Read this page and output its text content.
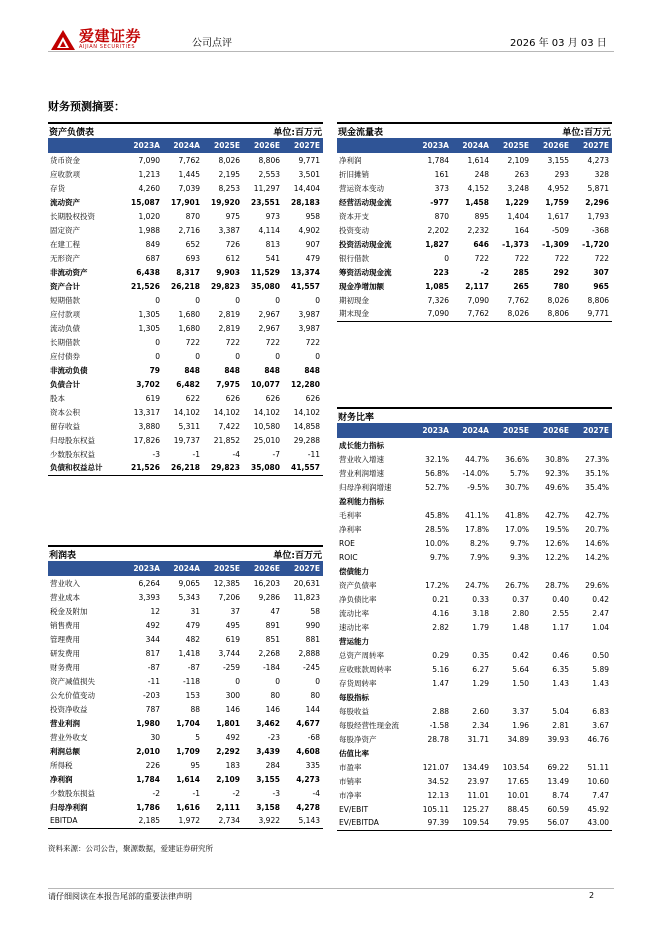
爱建证券
AIJIAN SECURITIES	公司点评	2026 年 03 月 03 日
财务预测摘要：
资产负债表	单位:百万元
	2023A	2024A	2025E	2026E	2027E
货币资金	7,090	7,762	8,026	8,806	9,771
应收款项	1,213	1,445	2,195	2,553	3,501
存货	4,260	7,039	8,253	11,297	14,404
流动资产	15,087	17,901	19,920	23,551	28,183
长期股权投资	1,020	870	975	973	958
固定资产	1,988	2,716	3,387	4,114	4,902
在建工程	849	652	726	813	907
无形资产	687	693	612	541	479
非流动资产	6,438	8,317	9,903	11,529	13,374
资产合计	21,526	26,218	29,823	35,080	41,557
短期借款	0	0	0	0	0
应付款项	1,305	1,680	2,819	2,967	3,987
流动负债	1,305	1,680	2,819	2,967	3,987
长期借款	0	722	722	722	722
应付债券	0	0	0	0	0
非流动负债	79	848	848	848	848
负债合计	3,702	6,482	7,975	10,077	12,280
股本	619	622	626	626	626
资本公积	13,317	14,102	14,102	14,102	14,102
留存收益	3,880	5,311	7,422	10,580	14,858
归母股东权益	17,826	19,737	21,852	25,010	29,288
少数股东权益	-3	-1	-4	-7	-11
负债和权益总计	21,526	26,218	29,823	35,080	41,557
利润表	单位:百万元
	2023A	2024A	2025E	2026E	2027E
营业收入	6,264	9,065	12,385	16,203	20,631
营业成本	3,393	5,343	7,206	9,286	11,823
税金及附加	12	31	37	47	58
销售费用	492	479	495	891	990
管理费用	344	482	619	851	881
研发费用	817	1,418	3,744	2,268	2,888
财务费用	-87	-87	-259	-184	-245
资产减值损失	-11	-118	0	0	0
公允价值变动	-203	153	300	80	80
投资净收益	787	88	146	146	144
营业利润	1,980	1,704	1,801	3,462	4,677
营业外收支	30	5	492	-23	-68
利润总额	2,010	1,709	2,292	3,439	4,608
所得税	226	95	183	284	335
净利润	1,784	1,614	2,109	3,155	4,273
少数股东损益	-2	-1	-2	-3	-4
归母净利润	1,786	1,616	2,111	3,158	4,278
EBITDA	2,185	1,972	2,734	3,922	5,143
现金流量表	单位:百万元
	2023A	2024A	2025E	2026E	2027E
净利润	1,784	1,614	2,109	3,155	4,273
折旧摊销	161	248	263	293	328
营运资本变动	373	4,152	3,248	4,952	5,871
经营活动现金流	-977	1,458	1,229	1,759	2,296
资本开支	870	895	1,404	1,617	1,793
投资变动	2,202	2,232	164	-509	-368
投资活动现金流	1,827	646	-1,373	-1,309	-1,720
银行借款	0	722	722	722	722
筹资活动现金流	223	-2	285	292	307
现金净增加额	1,085	2,117	265	780	965
期初现金	7,326	7,090	7,762	8,026	8,806
期末现金	7,090	7,762	8,026	8,806	9,771
财务比率
	2023A	2024A	2025E	2026E	2027E
成长能力指标					
营业收入增速	32.1%	44.7%	36.6%	30.8%	27.3%
营业利润增速	56.8%	-14.0%	5.7%	92.3%	35.1%
归母净利润增速	52.7%	-9.5%	30.7%	49.6%	35.4%
盈利能力指标					
毛利率	45.8%	41.1%	41.8%	42.7%	42.7%
净利率	28.5%	17.8%	17.0%	19.5%	20.7%
ROE	10.0%	8.2%	9.7%	12.6%	14.6%
ROIC	9.7%	7.9%	9.3%	12.2%	14.2%
偿债能力					
资产负债率	17.2%	24.7%	26.7%	28.7%	29.6%
净负债比率	0.21	0.33	0.37	0.40	0.42
流动比率	4.16	3.18	2.80	2.55	2.47
速动比率	2.82	1.79	1.48	1.17	1.04
营运能力					
总资产周转率	0.29	0.35	0.42	0.46	0.50
应收账款周转率	5.16	6.27	5.64	6.35	5.89
存货周转率	1.47	1.29	1.50	1.43	1.43
每股指标					
每股收益	2.88	2.60	3.37	5.04	6.83
每股经营性现金流	-1.58	2.34	1.96	2.81	3.67
每股净资产	28.78	31.71	34.89	39.93	46.76
估值比率					
市盈率	121.07	134.49	103.54	69.22	51.11
市销率	34.52	23.97	17.65	13.49	10.60
市净率	12.13	11.01	10.01	8.74	7.47
EV/EBIT	105.11	125.27	88.45	60.59	45.92
EV/EBITDA	97.39	109.54	79.95	56.07	43.00
资料来源：公司公告，聚源数据，爱建证券研究所
请仔细阅读在本报告尾部的重要法律声明	2
